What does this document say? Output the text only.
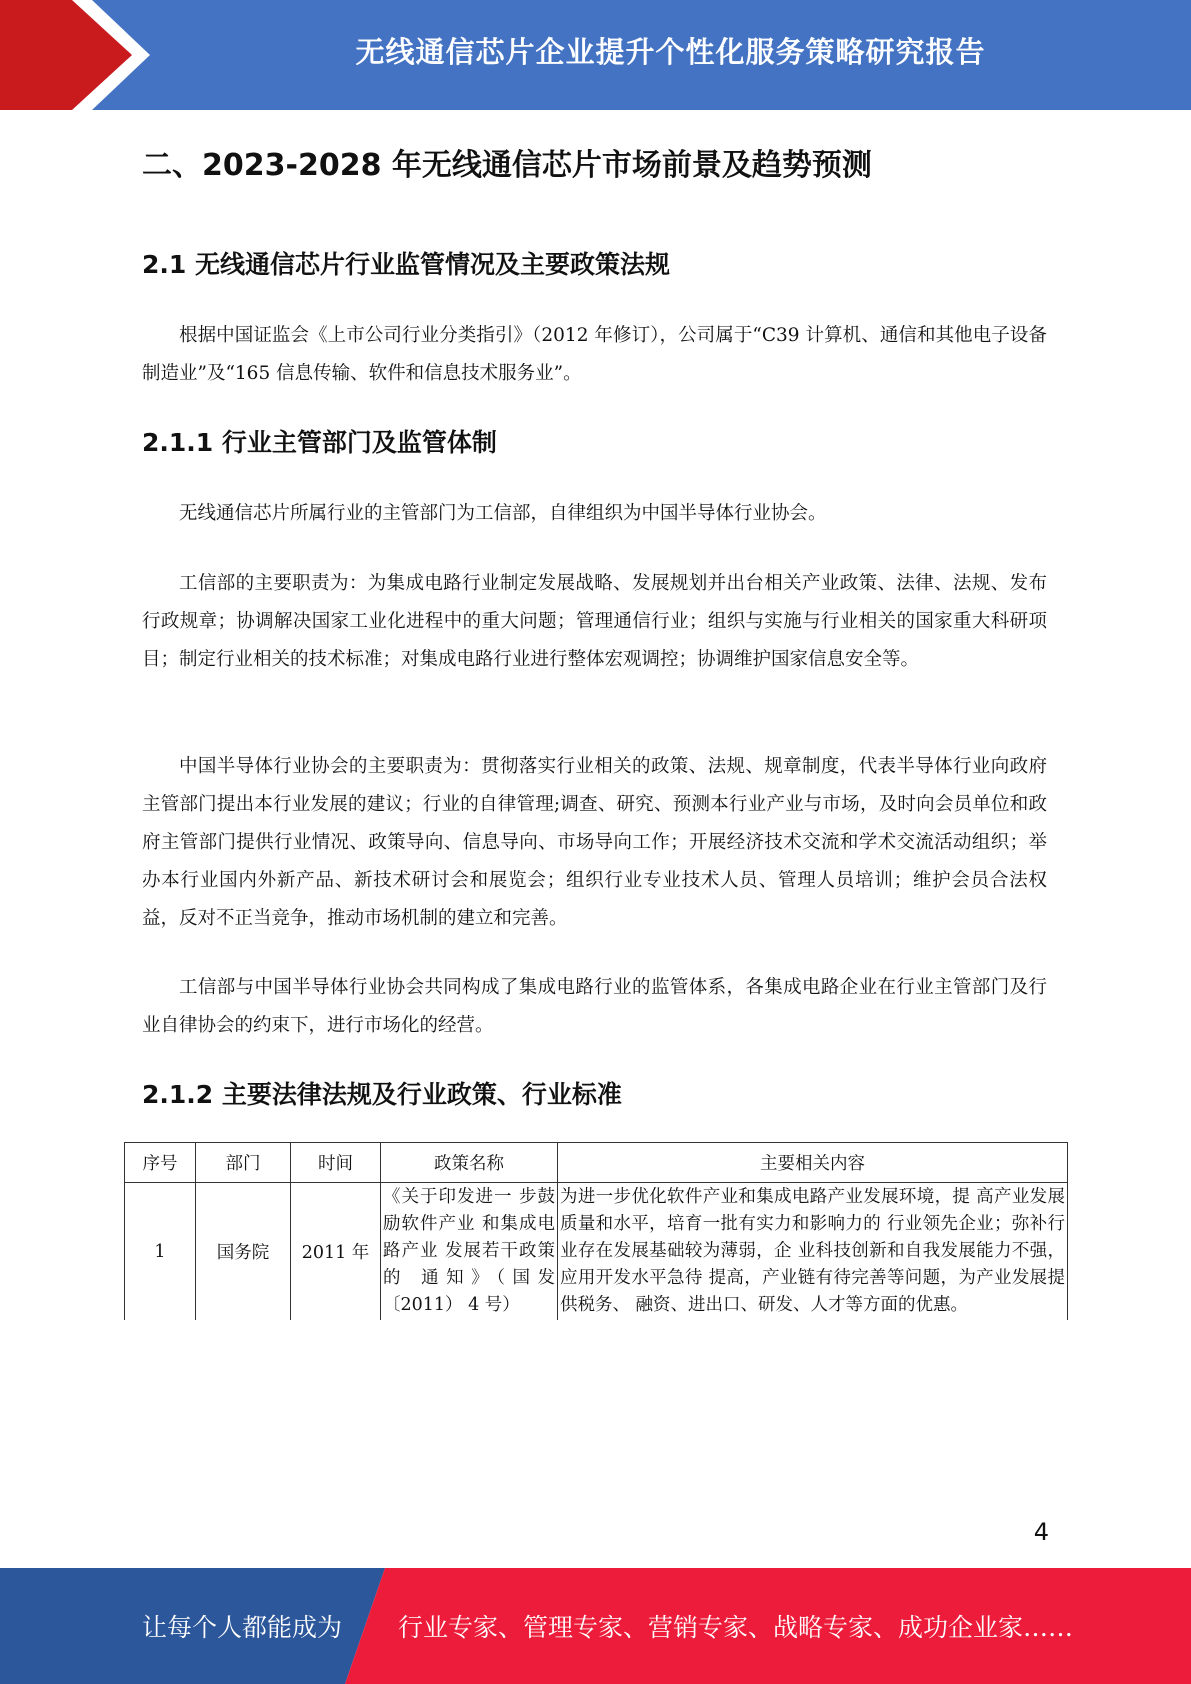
无线通信芯片企业提升个性化服务策略研究报告
二、2023-2028 年无线通信芯片市场前景及趋势预测
2.1 无线通信芯片行业监管情况及主要政策法规

根据中国证监会《上市公司行业分类指引》（2012 年修订），公司属于“C39 计算机、通信和其他电子设备制造业”及“165 信息传输、软件和信息技术服务业”。

2.1.1 行业主管部门及监管体制

无线通信芯片所属行业的主管部门为工信部，自律组织为中国半导体行业协会。

工信部的主要职责为：为集成电路行业制定发展战略、发展规划并出台相关产业政策、法律、法规、发布行政规章；协调解决国家工业化进程中的重大问题；管理通信行业；组织与实施与行业相关的国家重大科研项目；制定行业相关的技术标准；对集成电路行业进行整体宏观调控；协调维护国家信息安全等。

中国半导体行业协会的主要职责为：贯彻落实行业相关的政策、法规、规章制度，代表半导体行业向政府主管部门提出本行业发展的建议；行业的自律管理;调查、研究、预测本行业产业与市场，及时向会员单位和政府主管部门提供行业情况、政策导向、信息导向、市场导向工作；开展经济技术交流和学术交流活动组织；举办本行业国内外新产品、新技术研讨会和展览会；组织行业专业技术人员、管理人员培训；维护会员合法权益，反对不正当竞争，推动市场机制的建立和完善。

工信部与中国半导体行业协会共同构成了集成电路行业的监管体系，各集成电路企业在行业主管部门及行业自律协会的约束下，进行市场化的经营。

2.1.2 主要法律法规及行业政策、行业标准
序号	部门	时间	政策名称	主要相关内容
1	国务院	2011 年	《关于印发进一 步鼓励软件产业 和集成电路产业 发展若干政策的 通知》（国发〔2011） 4 号）	为进一步优化软件产业和集成电路产业发展环境，提 高产业发展质量和水平，培育一批有实力和影响力的 行业领先企业；弥补行业存在发展基础较为薄弱，企 业科技创新和自我发展能力不强，应用开发水平急待 提高，产业链有待完善等问题，为产业发展提供税务、 融资、进出口、研发、人才等方面的优惠。
4
让每个人都能成为 行业专家、管理专家、营销专家、战略专家、成功企业家……
